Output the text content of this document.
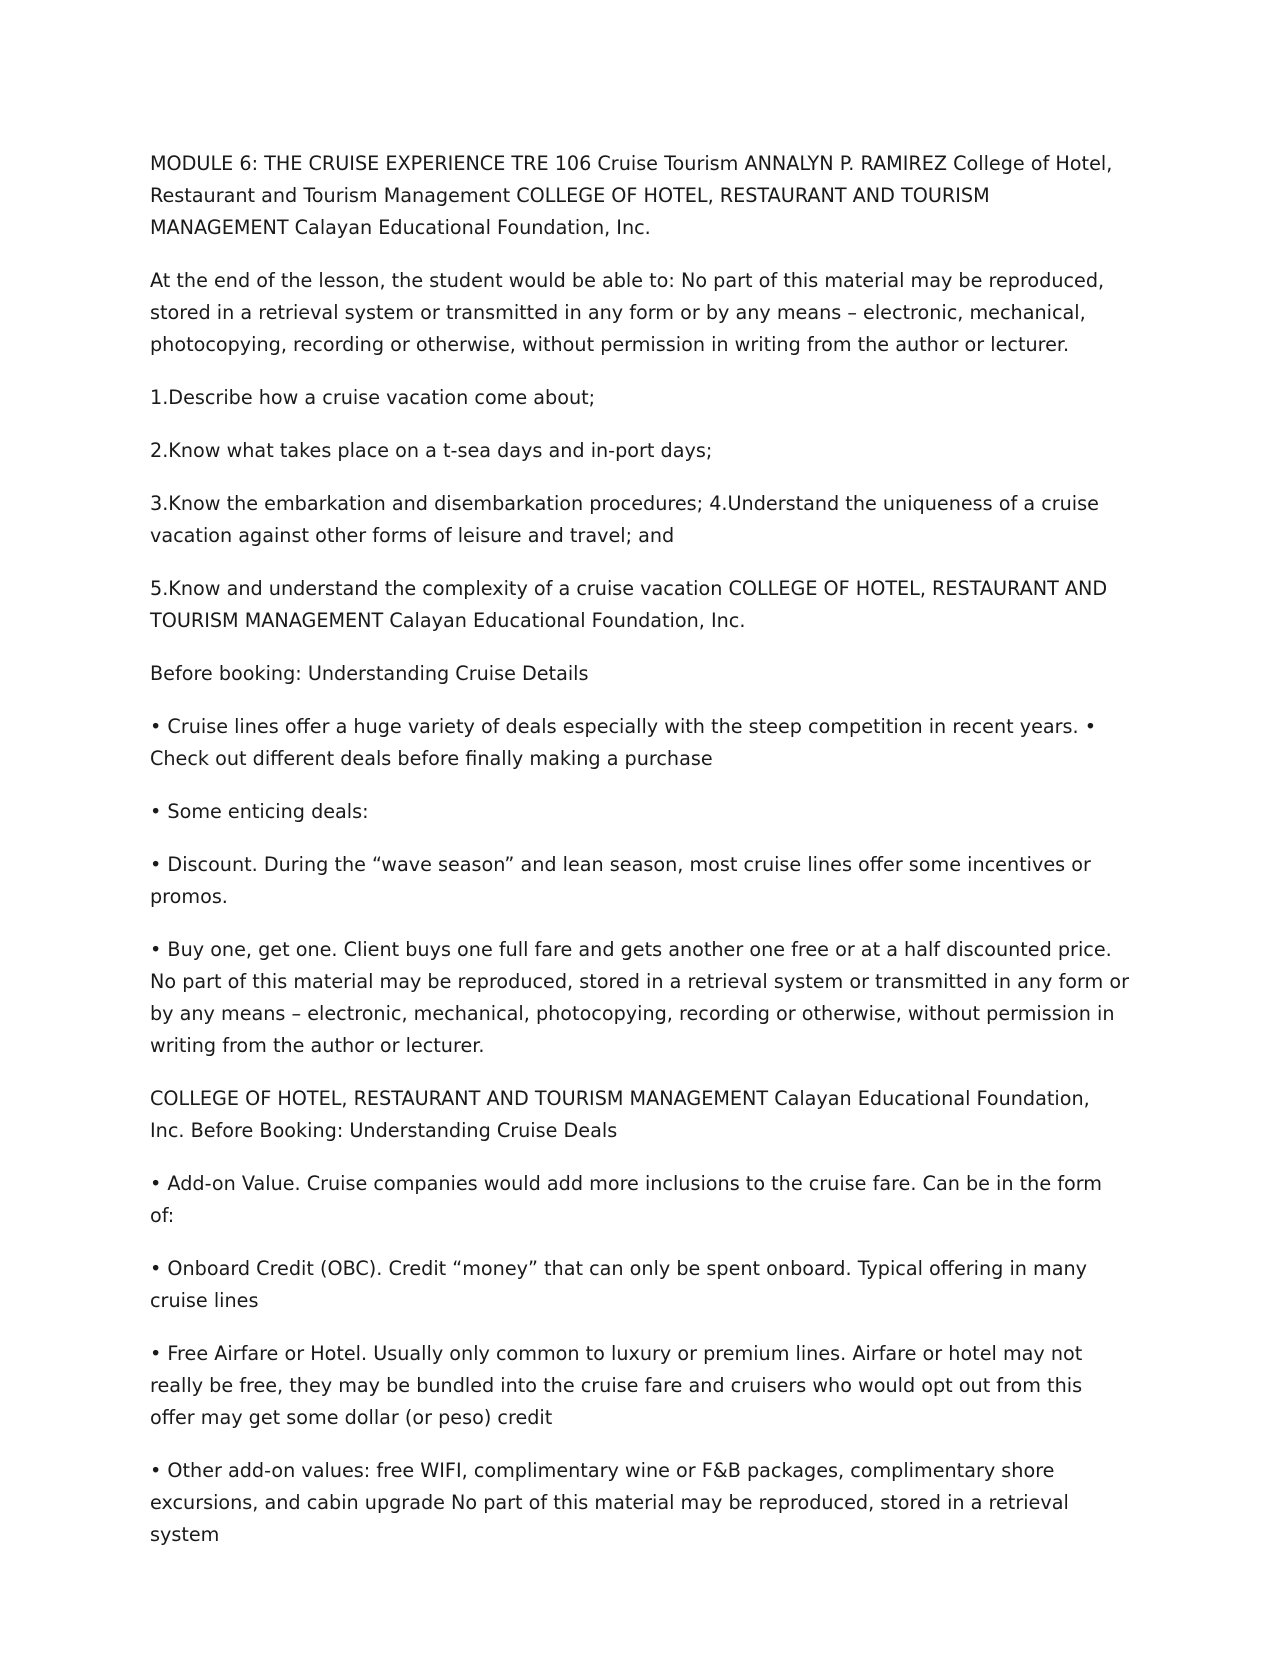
MODULE 6: THE CRUISE EXPERIENCE TRE 106 Cruise Tourism ANNALYN P. RAMIREZ College of Hotel, Restaurant and Tourism Management COLLEGE OF HOTEL, RESTAURANT AND TOURISM MANAGEMENT Calayan Educational Foundation, Inc.

At the end of the lesson, the student would be able to: No part of this material may be reproduced, stored in a retrieval system or transmitted in any form or by any means – electronic, mechanical, photocopying, recording or otherwise, without permission in writing from the author or lecturer.

1.Describe how a cruise vacation come about;

2.Know what takes place on a t-sea days and in-port days;

3.Know the embarkation and disembarkation procedures; 4.Understand the uniqueness of a cruise vacation against other forms of leisure and travel; and

5.Know and understand the complexity of a cruise vacation COLLEGE OF HOTEL, RESTAURANT AND TOURISM MANAGEMENT Calayan Educational Foundation, Inc.

Before booking: Understanding Cruise Details

• Cruise lines offer a huge variety of deals especially with the steep competition in recent years. • Check out different deals before finally making a purchase

• Some enticing deals:

• Discount. During the “wave season” and lean season, most cruise lines offer some incentives or promos.

• Buy one, get one. Client buys one full fare and gets another one free or at a half discounted price. No part of this material may be reproduced, stored in a retrieval system or transmitted in any form or by any means – electronic, mechanical, photocopying, recording or otherwise, without permission in writing from the author or lecturer.

COLLEGE OF HOTEL, RESTAURANT AND TOURISM MANAGEMENT Calayan Educational Foundation, Inc. Before Booking: Understanding Cruise Deals

• Add-on Value. Cruise companies would add more inclusions to the cruise fare. Can be in the form of:

• Onboard Credit (OBC). Credit “money” that can only be spent onboard. Typical offering in many cruise lines

• Free Airfare or Hotel. Usually only common to luxury or premium lines. Airfare or hotel may not really be free, they may be bundled into the cruise fare and cruisers who would opt out from this offer may get some dollar (or peso) credit

• Other add-on values: free WIFI, complimentary wine or F&B packages, complimentary shore excursions, and cabin upgrade No part of this material may be reproduced, stored in a retrieval system
